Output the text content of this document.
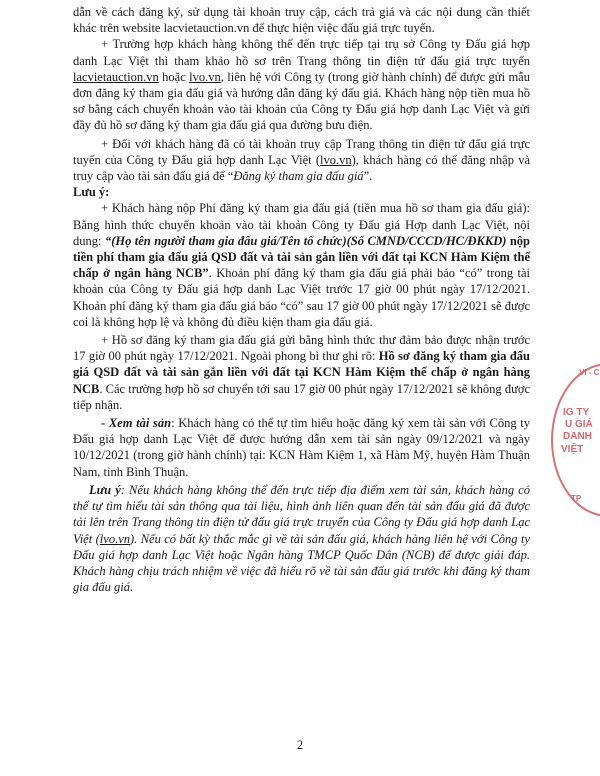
dẫn về cách đăng ký, sử dụng tài khoản truy cập, cách trả giá và các nội dung cần thiết khác trên website lacvietauction.vn để thực hiện việc đấu giá trực tuyến.

+ Trường hợp khách hàng không thể đến trực tiếp tại trụ sở Công ty Đấu giá hợp danh Lạc Việt thì tham khảo hồ sơ trên Trang thông tin điện tử đấu giá trực tuyến lacvietauction.vn hoặc lvo.vn, liên hệ với Công ty (trong giờ hành chính) để được gửi mẫu đơn đăng ký tham gia đấu giá và hướng dẫn đăng ký đấu giá. Khách hàng nộp tiền mua hồ sơ bằng cách chuyển khoản vào tài khoản của Công ty Đấu giá hợp danh Lạc Việt và gửi đầy đủ hồ sơ đăng ký tham gia đấu giá qua đường bưu điện.

+ Đối với khách hàng đã có tài khoản truy cập Trang thông tin điện tử đấu giá trực tuyến của Công ty Đấu giá hợp danh Lạc Việt (lvo.vn), khách hàng có thể đăng nhập và truy cập vào tài sản đấu giá để “Đăng ký tham gia đấu giá”.

Lưu ý:

+ Khách hàng nộp Phí đăng ký tham gia đấu giá (tiền mua hồ sơ tham gia đấu giá): Bằng hình thức chuyển khoản vào tài khoản Công ty Đấu giá Hợp danh Lạc Việt, nội dung: “(Họ tên người tham gia đấu giá/Tên tổ chức)(Số CMND/CCCD/HC/ĐKKD) nộp tiền phí tham gia đấu giá QSD đất và tài sản gắn liền với đất tại KCN Hàm Kiệm thế chấp ở ngân hàng NCB”. Khoản phí đăng ký tham gia đấu giá phải báo “có” trong tài khoản của Công ty Đấu giá hợp danh Lạc Việt trước 17 giờ 00 phút ngày 17/12/2021. Khoản phí đăng ký tham gia đấu giá báo “có” sau 17 giờ 00 phút ngày 17/12/2021 sẽ được coi là không hợp lệ và không đủ điều kiện tham gia đấu giá.

+ Hồ sơ đăng ký tham gia đấu giá gửi bằng hình thức thư đảm bảo được nhận trước 17 giờ 00 phút ngày 17/12/2021. Ngoài phong bì thư ghi rõ: Hồ sơ đăng ký tham gia đấu giá QSD đất và tài sản gắn liền với đất tại KCN Hàm Kiệm thế chấp ở ngân hàng NCB. Các trường hợp hồ sơ chuyển tới sau 17 giờ 00 phút ngày 17/12/2021 sẽ không được tiếp nhận.

- Xem tài sản: Khách hàng có thể tự tìm hiểu hoặc đăng ký xem tài sản với Công ty Đấu giá hợp danh Lạc Việt để được hướng dẫn xem tài sản ngày 09/12/2021 và ngày 10/12/2021 (trong giờ hành chính) tại: KCN Hàm Kiệm 1, xã Hàm Mỹ, huyện Hàm Thuận Nam, tỉnh Bình Thuận.

Lưu ý: Nếu khách hàng không thể đến trực tiếp địa điểm xem tài sản, khách hàng có thể tự tìm hiểu tài sản thông qua tài liệu, hình ảnh liên quan đến tài sản đấu giá đã được tải lên trên Trang thông tin điện tử đấu giá trực truyến của Công ty Đấu giá hợp danh Lạc Việt (lvo.vn). Nếu có bất kỳ thắc mắc gì về tài sản đấu giá, khách hàng liên hệ với Công ty Đấu giá hợp danh Lạc Việt hoặc Ngân hàng TMCP Quốc Dân (NCB) để được giải đáp. Khách hàng chịu trách nhiệm về việc đã hiểu rõ về tài sản đấu giá trước khi đăng ký tham gia đấu giá.

2
VI - C
IG TY
U GIÁ
DANH
VIỆT
TP
